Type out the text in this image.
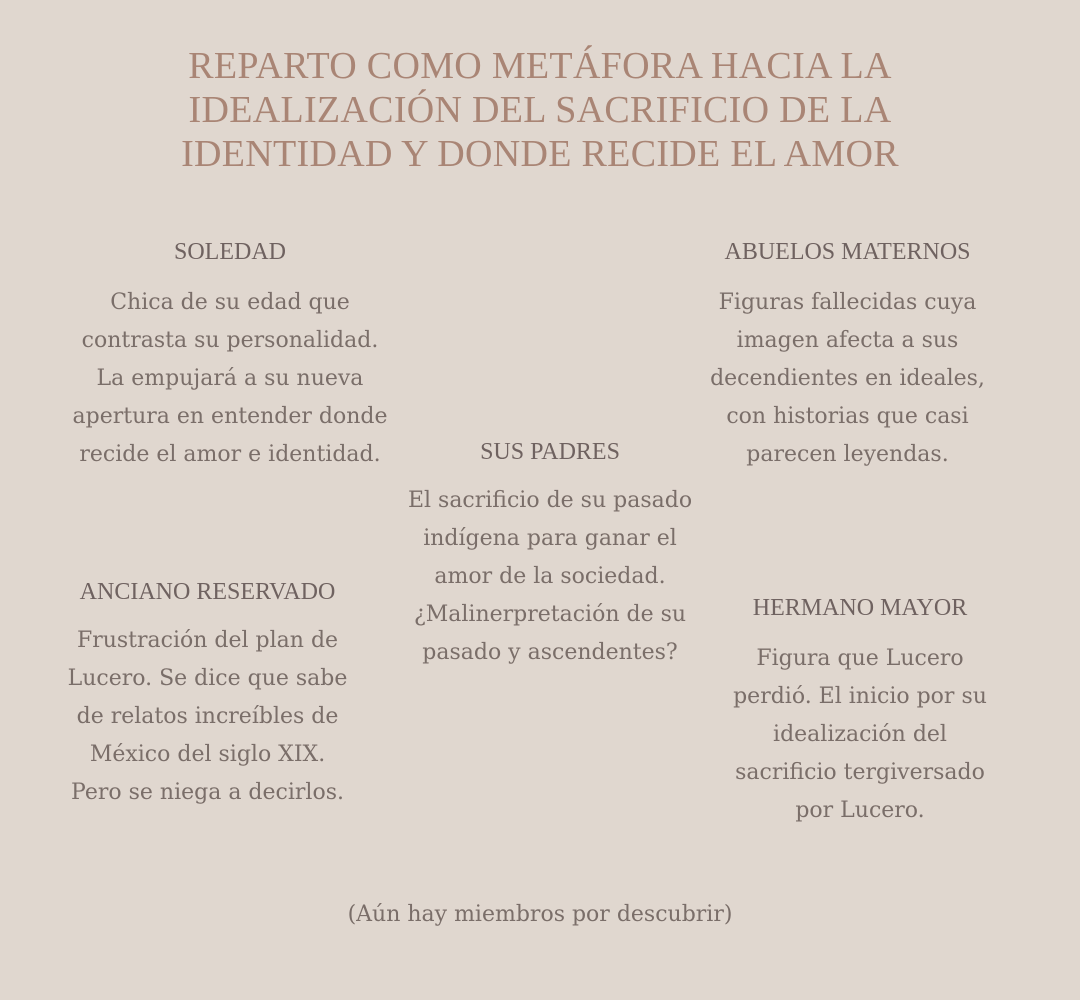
REPARTO COMO METÁFORA HACIA LA
IDEALIZACIÓN DEL SACRIFICIO DE LA
IDENTIDAD Y DONDE RECIDE EL AMOR
SOLEDAD
Chica de su edad que
contrasta su personalidad.
La empujará a su nueva
apertura en entender donde
recide el amor e identidad.
ABUELOS MATERNOS
Figuras fallecidas cuya
imagen afecta a sus
decendientes en ideales,
con historias que casi
parecen leyendas.
SUS PADRES
El sacrificio de su pasado
indígena para ganar el
amor de la sociedad.
¿Malinerpretación de su
pasado y ascendentes?
ANCIANO RESERVADO
Frustración del plan de
Lucero. Se dice que sabe
de relatos increíbles de
México del siglo XIX.
Pero se niega a decirlos.
HERMANO MAYOR
Figura que Lucero
perdió. El inicio por su
idealización del
sacrificio tergiversado
por Lucero.
(Aún hay miembros por descubrir)
